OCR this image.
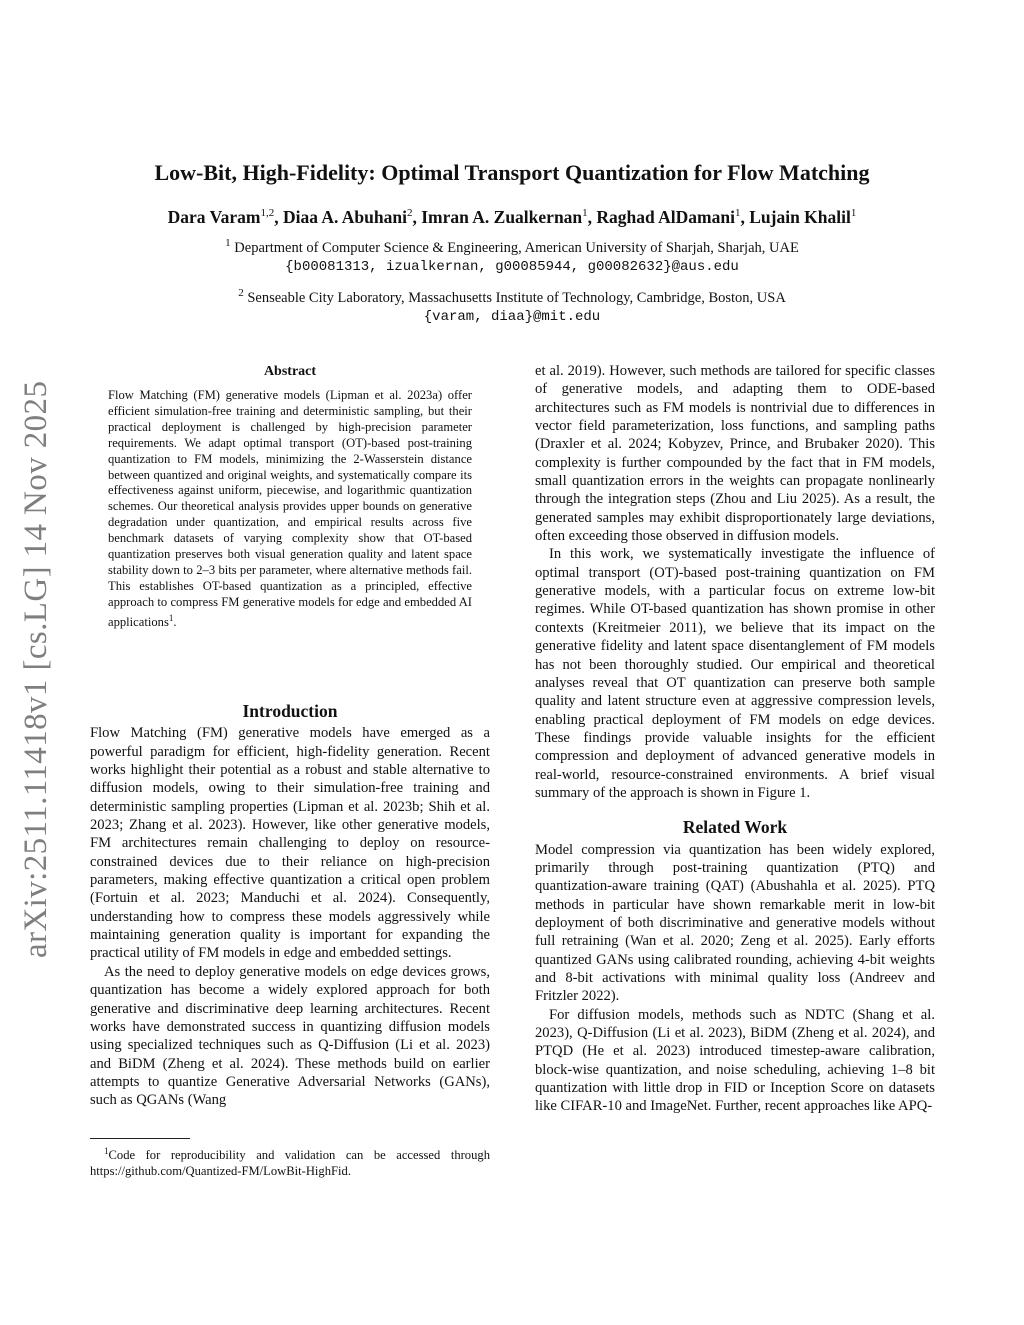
arXiv:2511.11418v1 [cs.LG] 14 Nov 2025
Low-Bit, High-Fidelity: Optimal Transport Quantization for Flow Matching
Dara Varam$^{1,2}$, Diaa A. Abuhani$^2$, Imran A. Zualkernan$^1$, Raghad AlDamani$^1$, Lujain Khalil$^1$
$^1$ Department of Computer Science & Engineering, American University of Sharjah, Sharjah, UAE
{b00081313, izualkernan, g00085944, g00082632}@aus.edu
$^2$ Senseable City Laboratory, Massachusetts Institute of Technology, Cambridge, Boston, USA
{varam, diaa}@mit.edu
Abstract
Flow Matching (FM) generative models (Lipman et al. 2023a) offer efficient simulation-free training and deterministic sampling, but their practical deployment is challenged by high-precision parameter requirements. We adapt optimal transport (OT)-based post-training quantization to FM models, minimizing the 2-Wasserstein distance between quantized and original weights, and systematically compare its effectiveness against uniform, piecewise, and logarithmic quantization schemes. Our theoretical analysis provides upper bounds on generative degradation under quantization, and empirical results across five benchmark datasets of varying complexity show that OT-based quantization preserves both visual generation quality and latent space stability down to 2–3 bits per parameter, where alternative methods fail. This establishes OT-based quantization as a principled, effective approach to compress FM generative models for edge and embedded AI applications$^1$.
Introduction

Flow Matching (FM) generative models have emerged as a powerful paradigm for efficient, high-fidelity generation. Recent works highlight their potential as a robust and stable alternative to diffusion models, owing to their simulation-free training and deterministic sampling properties (Lipman et al. 2023b; Shih et al. 2023; Zhang et al. 2023). However, like other generative models, FM architectures remain challenging to deploy on resource-constrained devices due to their reliance on high-precision parameters, making effective quantization a critical open problem (Fortuin et al. 2023; Manduchi et al. 2024). Consequently, understanding how to compress these models aggressively while maintaining generation quality is important for expanding the practical utility of FM models in edge and embedded settings.

As the need to deploy generative models on edge devices grows, quantization has become a widely explored approach for both generative and discriminative deep learning architectures. Recent works have demonstrated success in quantizing diffusion models using specialized techniques such as Q-Diffusion (Li et al. 2023) and BiDM (Zheng et al. 2024). These methods build on earlier attempts to quantize Generative Adversarial Networks (GANs), such as QGANs (Wang

$^1$Code for reproducibility and validation can be accessed through https://github.com/Quantized-FM/LowBit-HighFid.

et al. 2019). However, such methods are tailored for specific classes of generative models, and adapting them to ODE-based architectures such as FM models is nontrivial due to differences in vector field parameterization, loss functions, and sampling paths (Draxler et al. 2024; Kobyzev, Prince, and Brubaker 2020). This complexity is further compounded by the fact that in FM models, small quantization errors in the weights can propagate nonlinearly through the integration steps (Zhou and Liu 2025). As a result, the generated samples may exhibit disproportionately large deviations, often exceeding those observed in diffusion models.

In this work, we systematically investigate the influence of optimal transport (OT)-based post-training quantization on FM generative models, with a particular focus on extreme low-bit regimes. While OT-based quantization has shown promise in other contexts (Kreitmeier 2011), we believe that its impact on the generative fidelity and latent space disentanglement of FM models has not been thoroughly studied. Our empirical and theoretical analyses reveal that OT quantization can preserve both sample quality and latent structure even at aggressive compression levels, enabling practical deployment of FM models on edge devices. These findings provide valuable insights for the efficient compression and deployment of advanced generative models in real-world, resource-constrained environments. A brief visual summary of the approach is shown in Figure 1.

Related Work

Model compression via quantization has been widely explored, primarily through post-training quantization (PTQ) and quantization-aware training (QAT) (Abushahla et al. 2025). PTQ methods in particular have shown remarkable merit in low-bit deployment of both discriminative and generative models without full retraining (Wan et al. 2020; Zeng et al. 2025). Early efforts quantized GANs using calibrated rounding, achieving 4-bit weights and 8-bit activations with minimal quality loss (Andreev and Fritzler 2022).

For diffusion models, methods such as NDTC (Shang et al. 2023), Q-Diffusion (Li et al. 2023), BiDM (Zheng et al. 2024), and PTQD (He et al. 2023) introduced timestep-aware calibration, block-wise quantization, and noise scheduling, achieving 1–8 bit quantization with little drop in FID or Inception Score on datasets like CIFAR-10 and ImageNet. Further, recent approaches like APQ-
